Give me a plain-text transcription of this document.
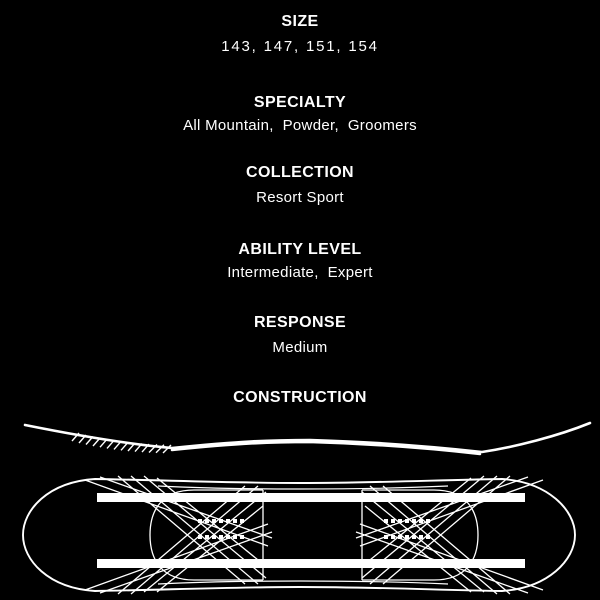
SIZE
143, 147, 151, 154
SPECIALTY
All Mountain,  Powder,  Groomers
COLLECTION
Resort Sport
ABILITY LEVEL
Intermediate,  Expert
RESPONSE
Medium
CONSTRUCTION
